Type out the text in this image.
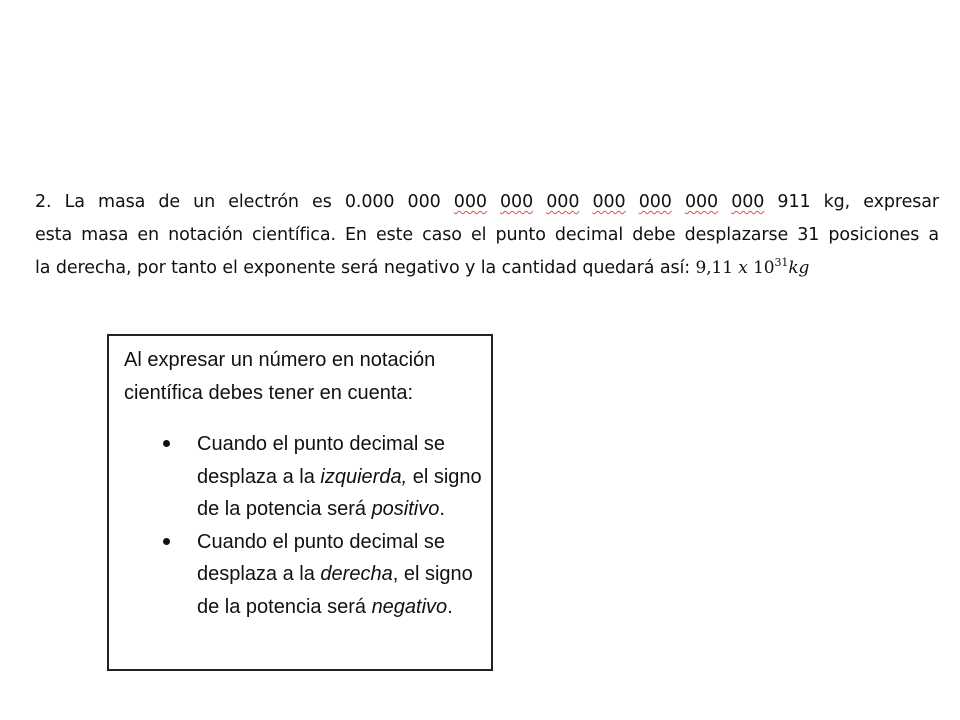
2. La masa de un electrón es 0.000 000 000 000 000 000 000 000 000 911 kg, expresar
esta masa en notación científica. En este caso el punto decimal debe desplazarse 31 posiciones a
la derecha, por tanto el exponente será negativo y la cantidad quedará así: 9,11 x $10^{31}kg$

Al expresar un número en notación científica debes tener en cuenta:

Cuando el punto decimal se desplaza a la izquierda, el signo de la potencia será positivo.
Cuando el punto decimal se desplaza a la derecha, el signo de la potencia será negativo.
